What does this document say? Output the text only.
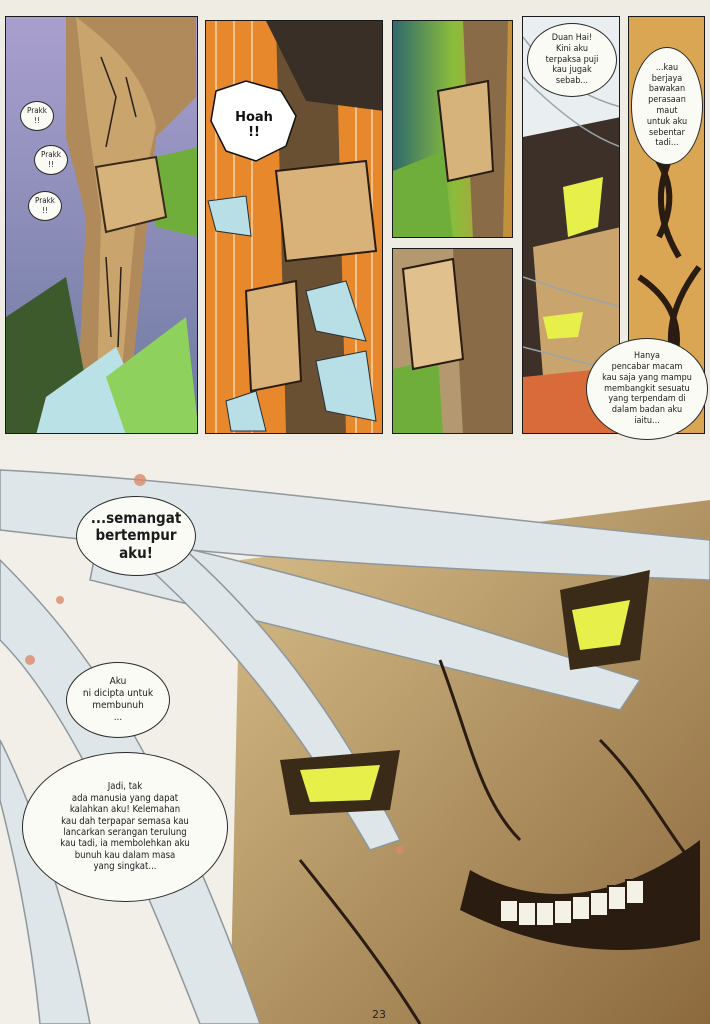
Prakk
!!
Prakk
!!
Prakk
!!
Hoah
!!
Duan Hai!
Kini aku
terpaksa puji
kau jugak
sebab...
...kau
berjaya
bawakan
perasaan
maut
untuk aku
sebentar
tadi...
Hanya
pencabar macam
kau saja yang mampu
membangkit sesuatu
yang terpendam di
dalam badan aku
iaitu...
...semangat
bertempur
aku!
Aku
ni dicipta untuk
membunuh
...
Jadi, tak
ada manusia yang dapat
kalahkan aku! Kelemahan
kau dah terpapar semasa kau
lancarkan serangan terulung
kau tadi, ia membolehkan aku
bunuh kau dalam masa
yang singkat...
23
